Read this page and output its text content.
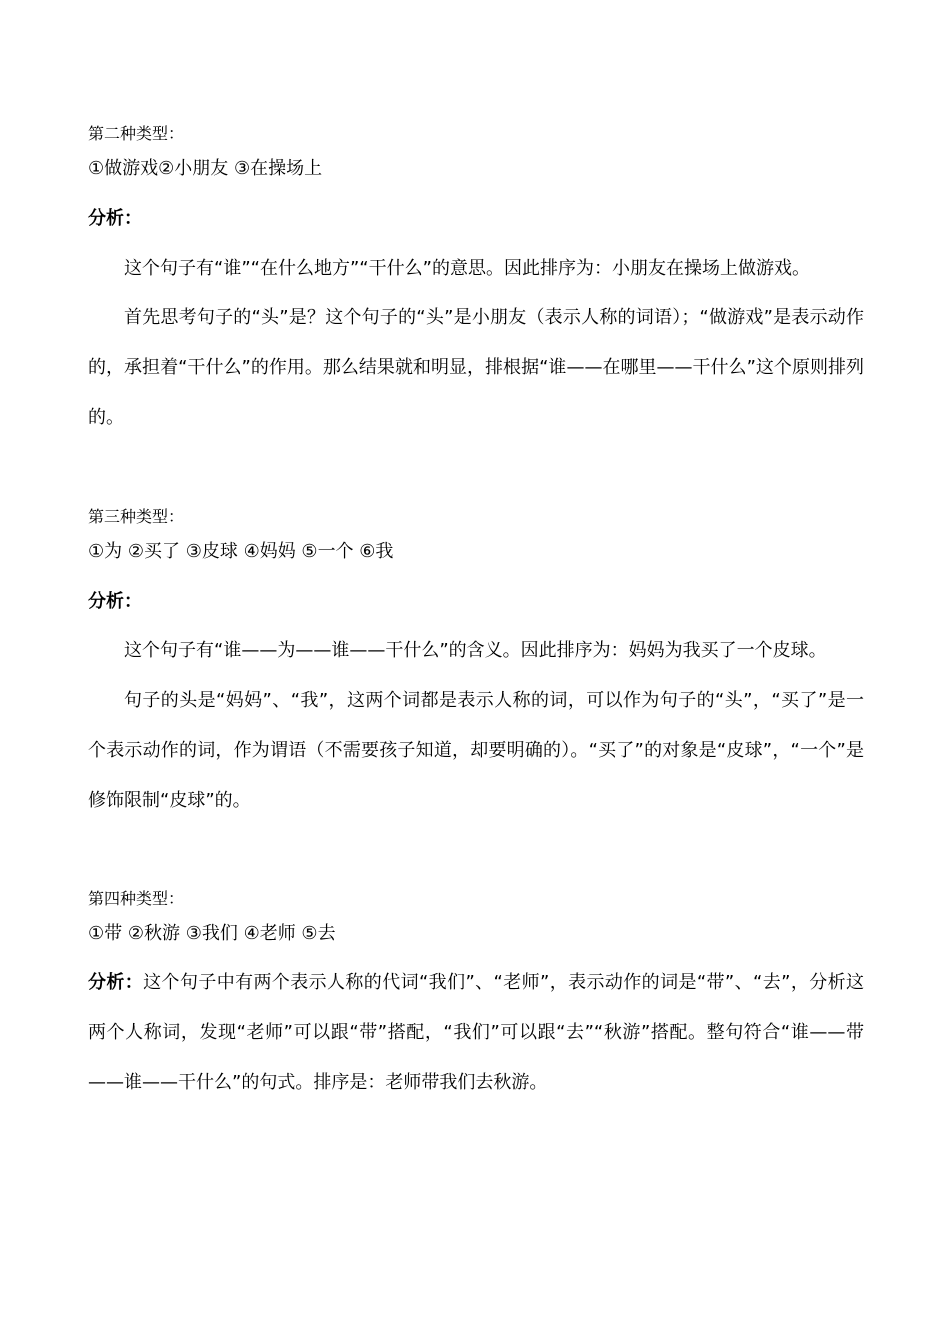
第二种类型：
①做游戏②小朋友 ③在操场上
分析：
这个句子有“谁”“在什么地方”“干什么”的意思。因此排序为：小朋友在操场上做游戏。
首先思考句子的“头”是？这个句子的“头”是小朋友（表示人称的词语）；“做游戏”是表示动作的，承担着“干什么”的作用。那么结果就和明显，排根据“谁——在哪里——干什么”这个原则排列的。
第三种类型：
①为 ②买了 ③皮球 ④妈妈 ⑤一个 ⑥我
分析：
这个句子有“谁——为——谁——干什么”的含义。因此排序为：妈妈为我买了一个皮球。
句子的头是“妈妈”、“我”，这两个词都是表示人称的词，可以作为句子的“头”，“买了”是一个表示动作的词，作为谓语（不需要孩子知道，却要明确的）。“买了”的对象是“皮球”，“一个”是修饰限制“皮球”的。
第四种类型：
①带 ②秋游 ③我们 ④老师 ⑤去
分析：这个句子中有两个表示人称的代词“我们”、“老师”，表示动作的词是“带”、“去”，分析这两个人称词，发现“老师”可以跟“带”搭配，“我们”可以跟“去”“秋游”搭配。整句符合“谁——带——谁——干什么”的句式。排序是：老师带我们去秋游。
